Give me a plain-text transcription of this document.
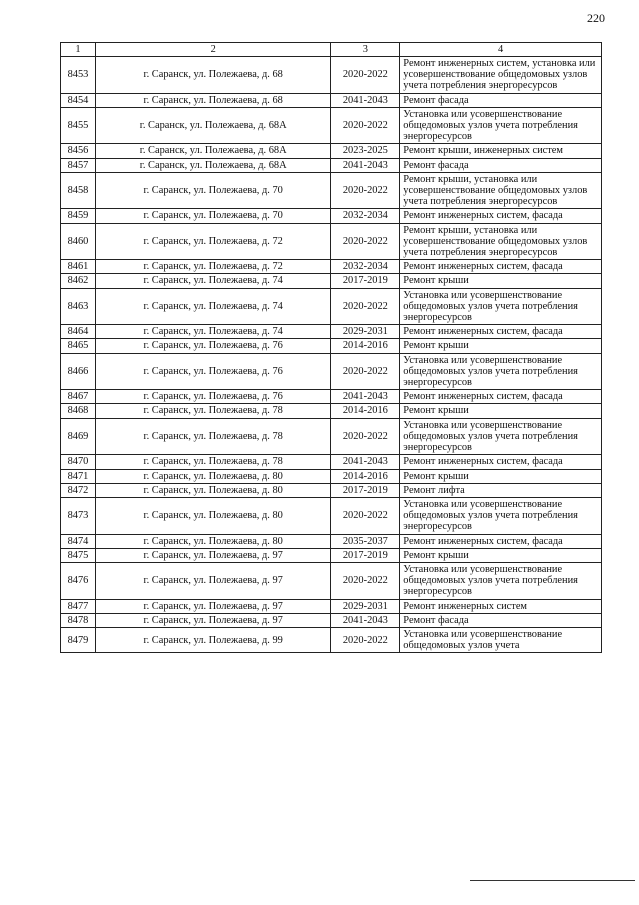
220
1	2	3	4
8453	г. Саранск, ул. Полежаева, д. 68	2020-2022	Ремонт инженерных систем, установка или усовершенствование общедомовых узлов учета потребления энергоресурсов
8454	г. Саранск, ул. Полежаева, д. 68	2041-2043	Ремонт фасада
8455	г. Саранск, ул. Полежаева, д. 68А	2020-2022	Установка или усовершенствование общедомовых узлов учета потребления энергоресурсов
8456	г. Саранск, ул. Полежаева, д. 68А	2023-2025	Ремонт крыши, инженерных систем
8457	г. Саранск, ул. Полежаева, д. 68А	2041-2043	Ремонт фасада
8458	г. Саранск, ул. Полежаева, д. 70	2020-2022	Ремонт крыши, установка или усовершенствование общедомовых узлов учета потребления энергоресурсов
8459	г. Саранск, ул. Полежаева, д. 70	2032-2034	Ремонт инженерных систем, фасада
8460	г. Саранск, ул. Полежаева, д. 72	2020-2022	Ремонт крыши, установка или усовершенствование общедомовых узлов учета потребления энергоресурсов
8461	г. Саранск, ул. Полежаева, д. 72	2032-2034	Ремонт инженерных систем, фасада
8462	г. Саранск, ул. Полежаева, д. 74	2017-2019	Ремонт крыши
8463	г. Саранск, ул. Полежаева, д. 74	2020-2022	Установка или усовершенствование общедомовых узлов учета потребления энергоресурсов
8464	г. Саранск, ул. Полежаева, д. 74	2029-2031	Ремонт инженерных систем, фасада
8465	г. Саранск, ул. Полежаева, д. 76	2014-2016	Ремонт крыши
8466	г. Саранск, ул. Полежаева, д. 76	2020-2022	Установка или усовершенствование общедомовых узлов учета потребления энергоресурсов
8467	г. Саранск, ул. Полежаева, д. 76	2041-2043	Ремонт инженерных систем, фасада
8468	г. Саранск, ул. Полежаева, д. 78	2014-2016	Ремонт крыши
8469	г. Саранск, ул. Полежаева, д. 78	2020-2022	Установка или усовершенствование общедомовых узлов учета потребления энергоресурсов
8470	г. Саранск, ул. Полежаева, д. 78	2041-2043	Ремонт инженерных систем, фасада
8471	г. Саранск, ул. Полежаева, д. 80	2014-2016	Ремонт крыши
8472	г. Саранск, ул. Полежаева, д. 80	2017-2019	Ремонт лифта
8473	г. Саранск, ул. Полежаева, д. 80	2020-2022	Установка или усовершенствование общедомовых узлов учета потребления энергоресурсов
8474	г. Саранск, ул. Полежаева, д. 80	2035-2037	Ремонт инженерных систем, фасада
8475	г. Саранск, ул. Полежаева, д. 97	2017-2019	Ремонт крыши
8476	г. Саранск, ул. Полежаева, д. 97	2020-2022	Установка или усовершенствование общедомовых узлов учета потребления энергоресурсов
8477	г. Саранск, ул. Полежаева, д. 97	2029-2031	Ремонт инженерных систем
8478	г. Саранск, ул. Полежаева, д. 97	2041-2043	Ремонт фасада
8479	г. Саранск, ул. Полежаева, д. 99	2020-2022	Установка или усовершенствование общедомовых узлов учета
